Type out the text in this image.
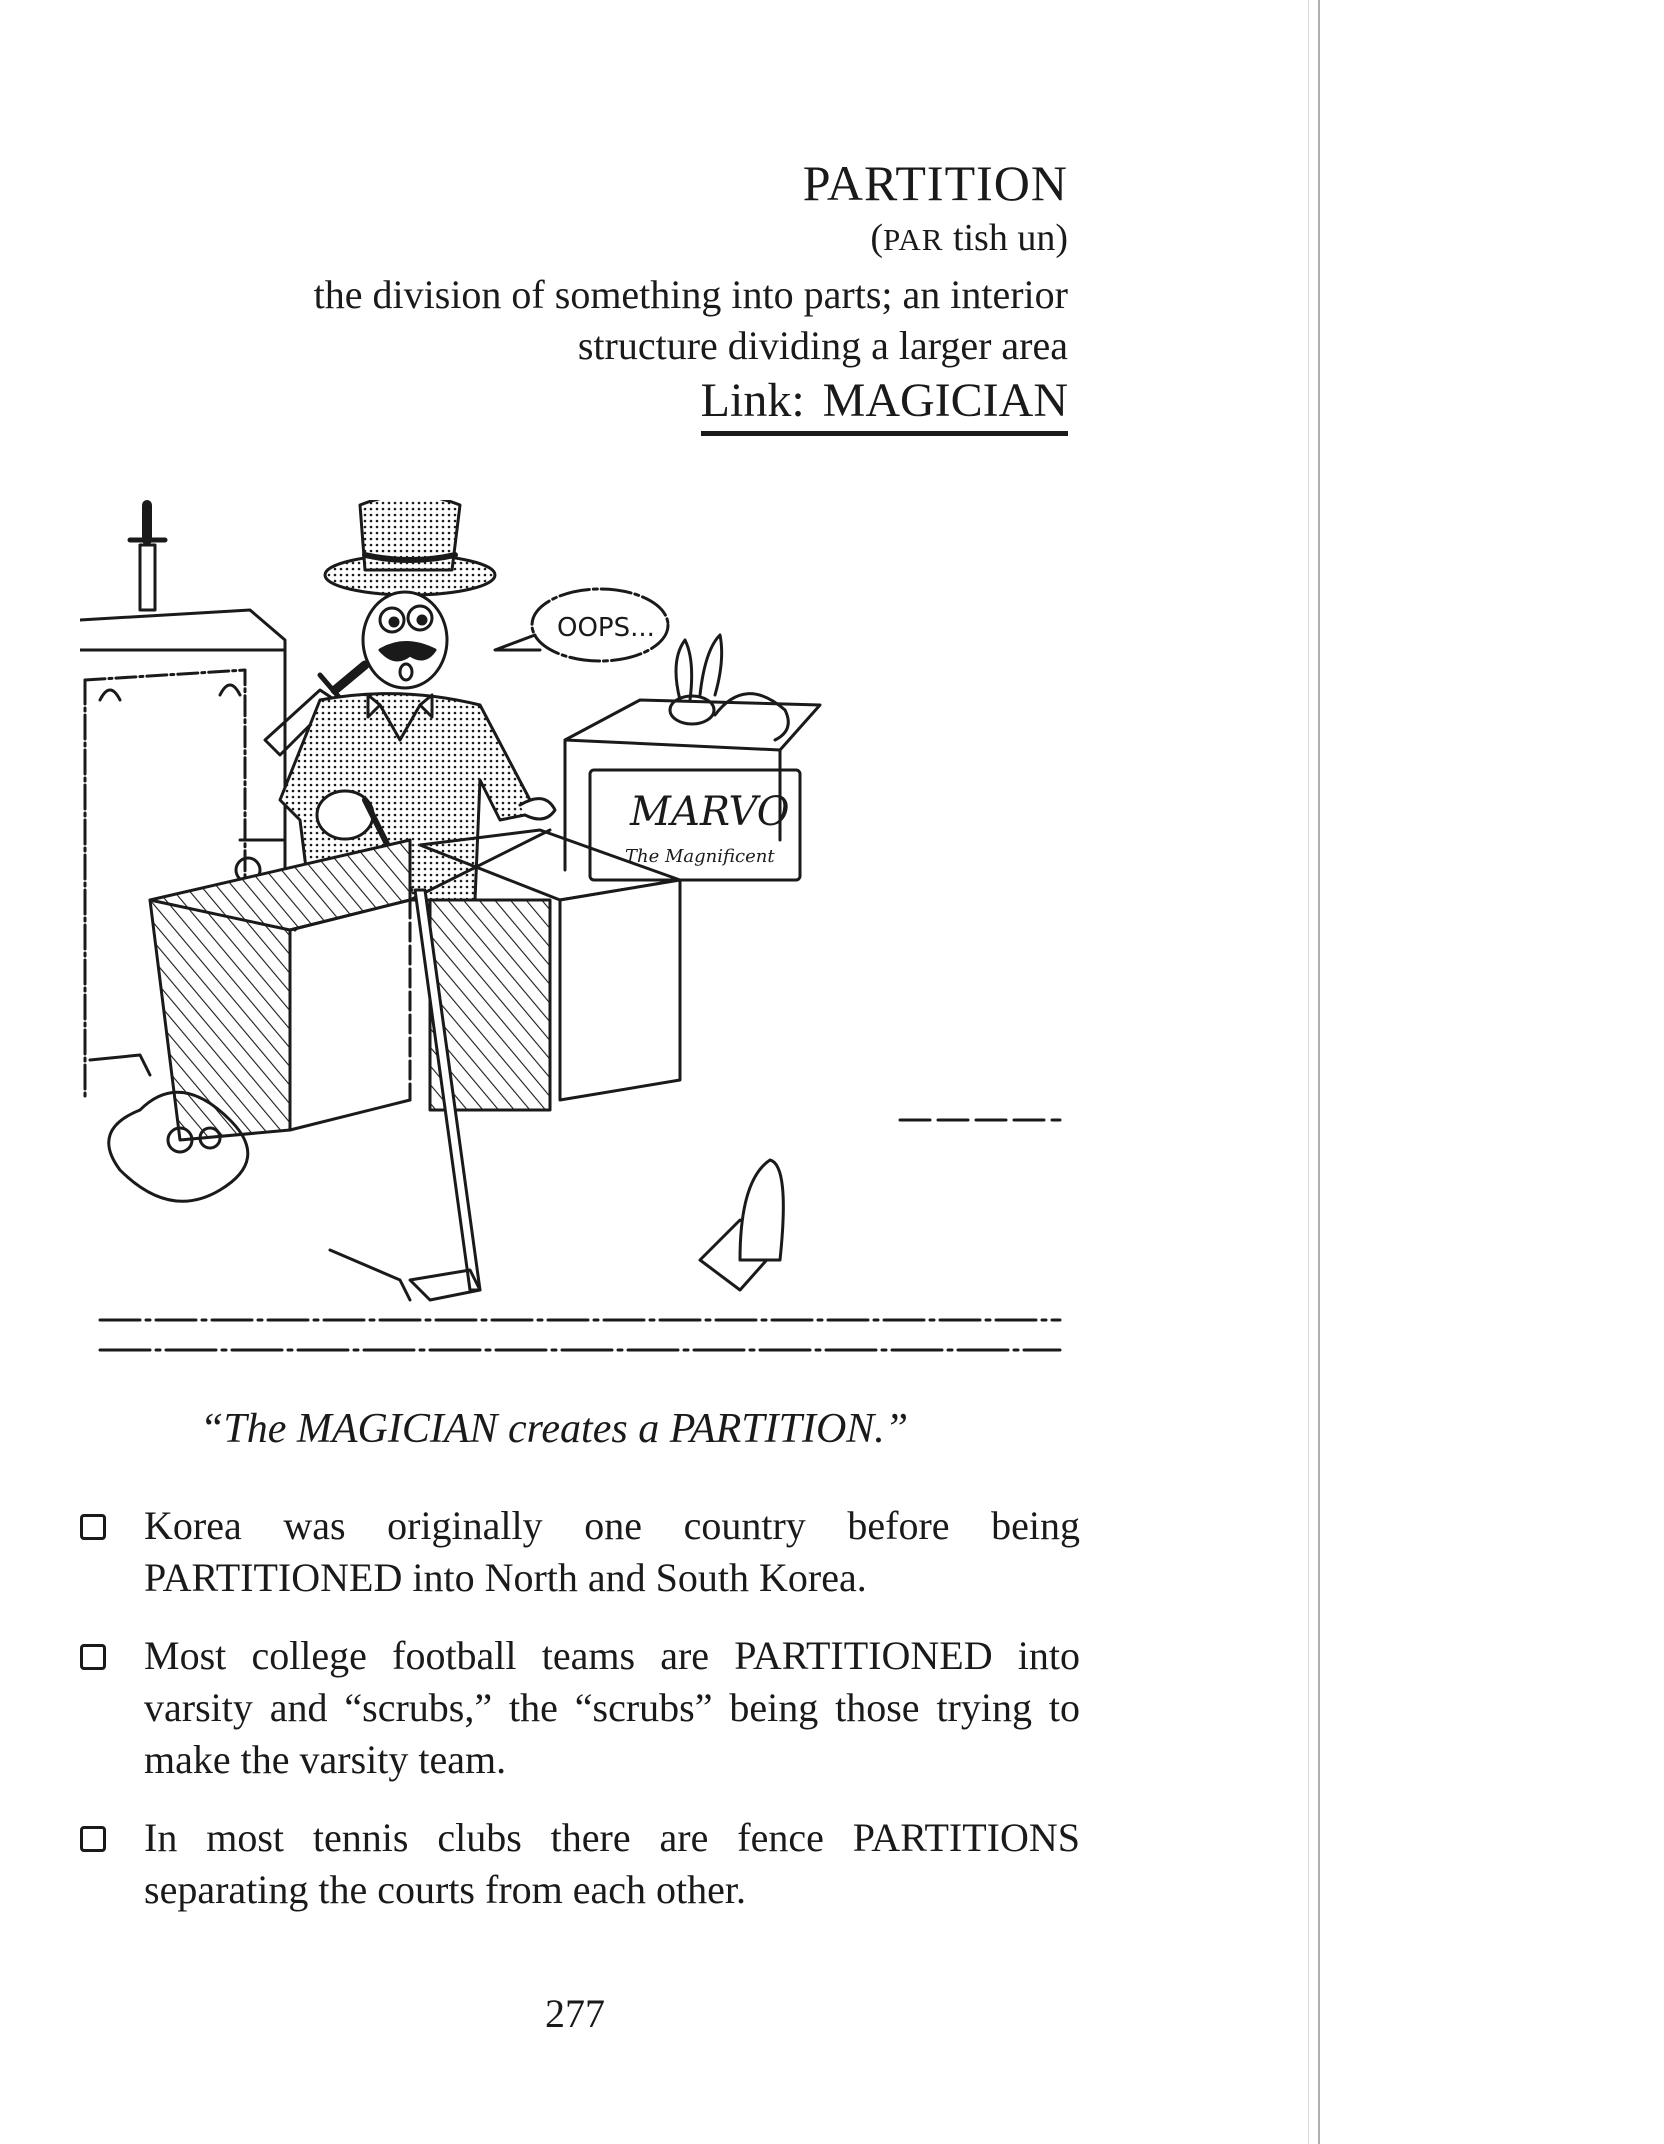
PARTITION
(PAR tish un)
the division of something into parts; an interior
structure dividing a larger area
Link: MAGICIAN
MARVO
The Magnificent
OOPS...
“The MAGICIAN creates a PARTITION.”
Korea was originally one country before being PARTITIONED into North and South Korea.
Most college football teams are PARTITIONED into varsity and “scrubs,” the “scrubs” being those trying to make the varsity team.
In most tennis clubs there are fence PARTITIONS separating the courts from each other.
277
